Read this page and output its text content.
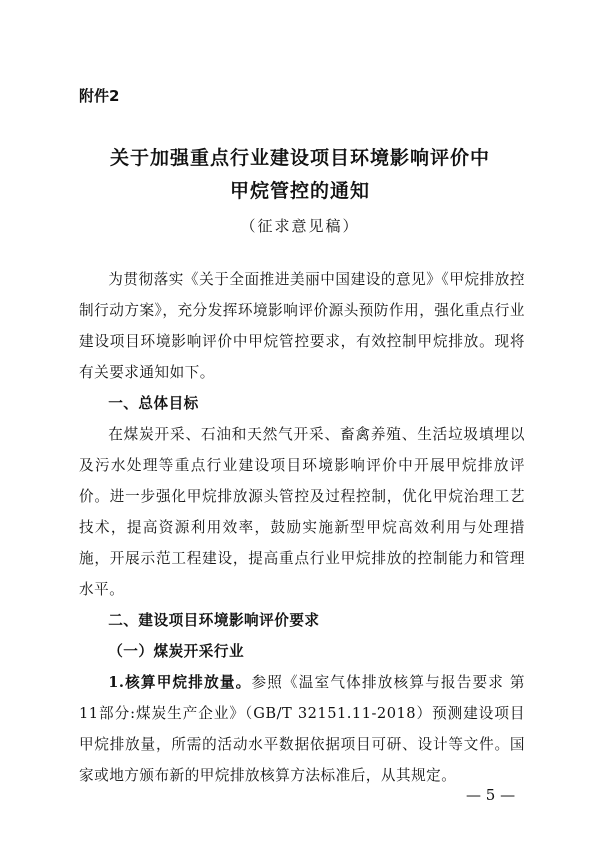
附件2
关于加强重点行业建设项目环境影响评价中
甲烷管控的通知
（征求意见稿）

为贯彻落实《关于全面推进美丽中国建设的意见》《甲烷排放控制行动方案》，充分发挥环境影响评价源头预防作用，强化重点行业建设项目环境影响评价中甲烷管控要求，有效控制甲烷排放。现将有关要求通知如下。

一、总体目标

在煤炭开采、石油和天然气开采、畜禽养殖、生活垃圾填埋以及污水处理等重点行业建设项目环境影响评价中开展甲烷排放评价。进一步强化甲烷排放源头管控及过程控制，优化甲烷治理工艺技术，提高资源利用效率，鼓励实施新型甲烷高效利用与处理措施，开展示范工程建设，提高重点行业甲烷排放的控制能力和管理水平。

二、建设项目环境影响评价要求

（一）煤炭开采行业

1.核算甲烷排放量。参照《温室气体排放核算与报告要求 第11部分:煤炭生产企业》（GB/T 32151.11-2018）预测建设项目甲烷排放量，所需的活动水平数据依据项目可研、设计等文件。国家或地方颁布新的甲烷排放核算方法标准后，从其规定。

— 5 —
